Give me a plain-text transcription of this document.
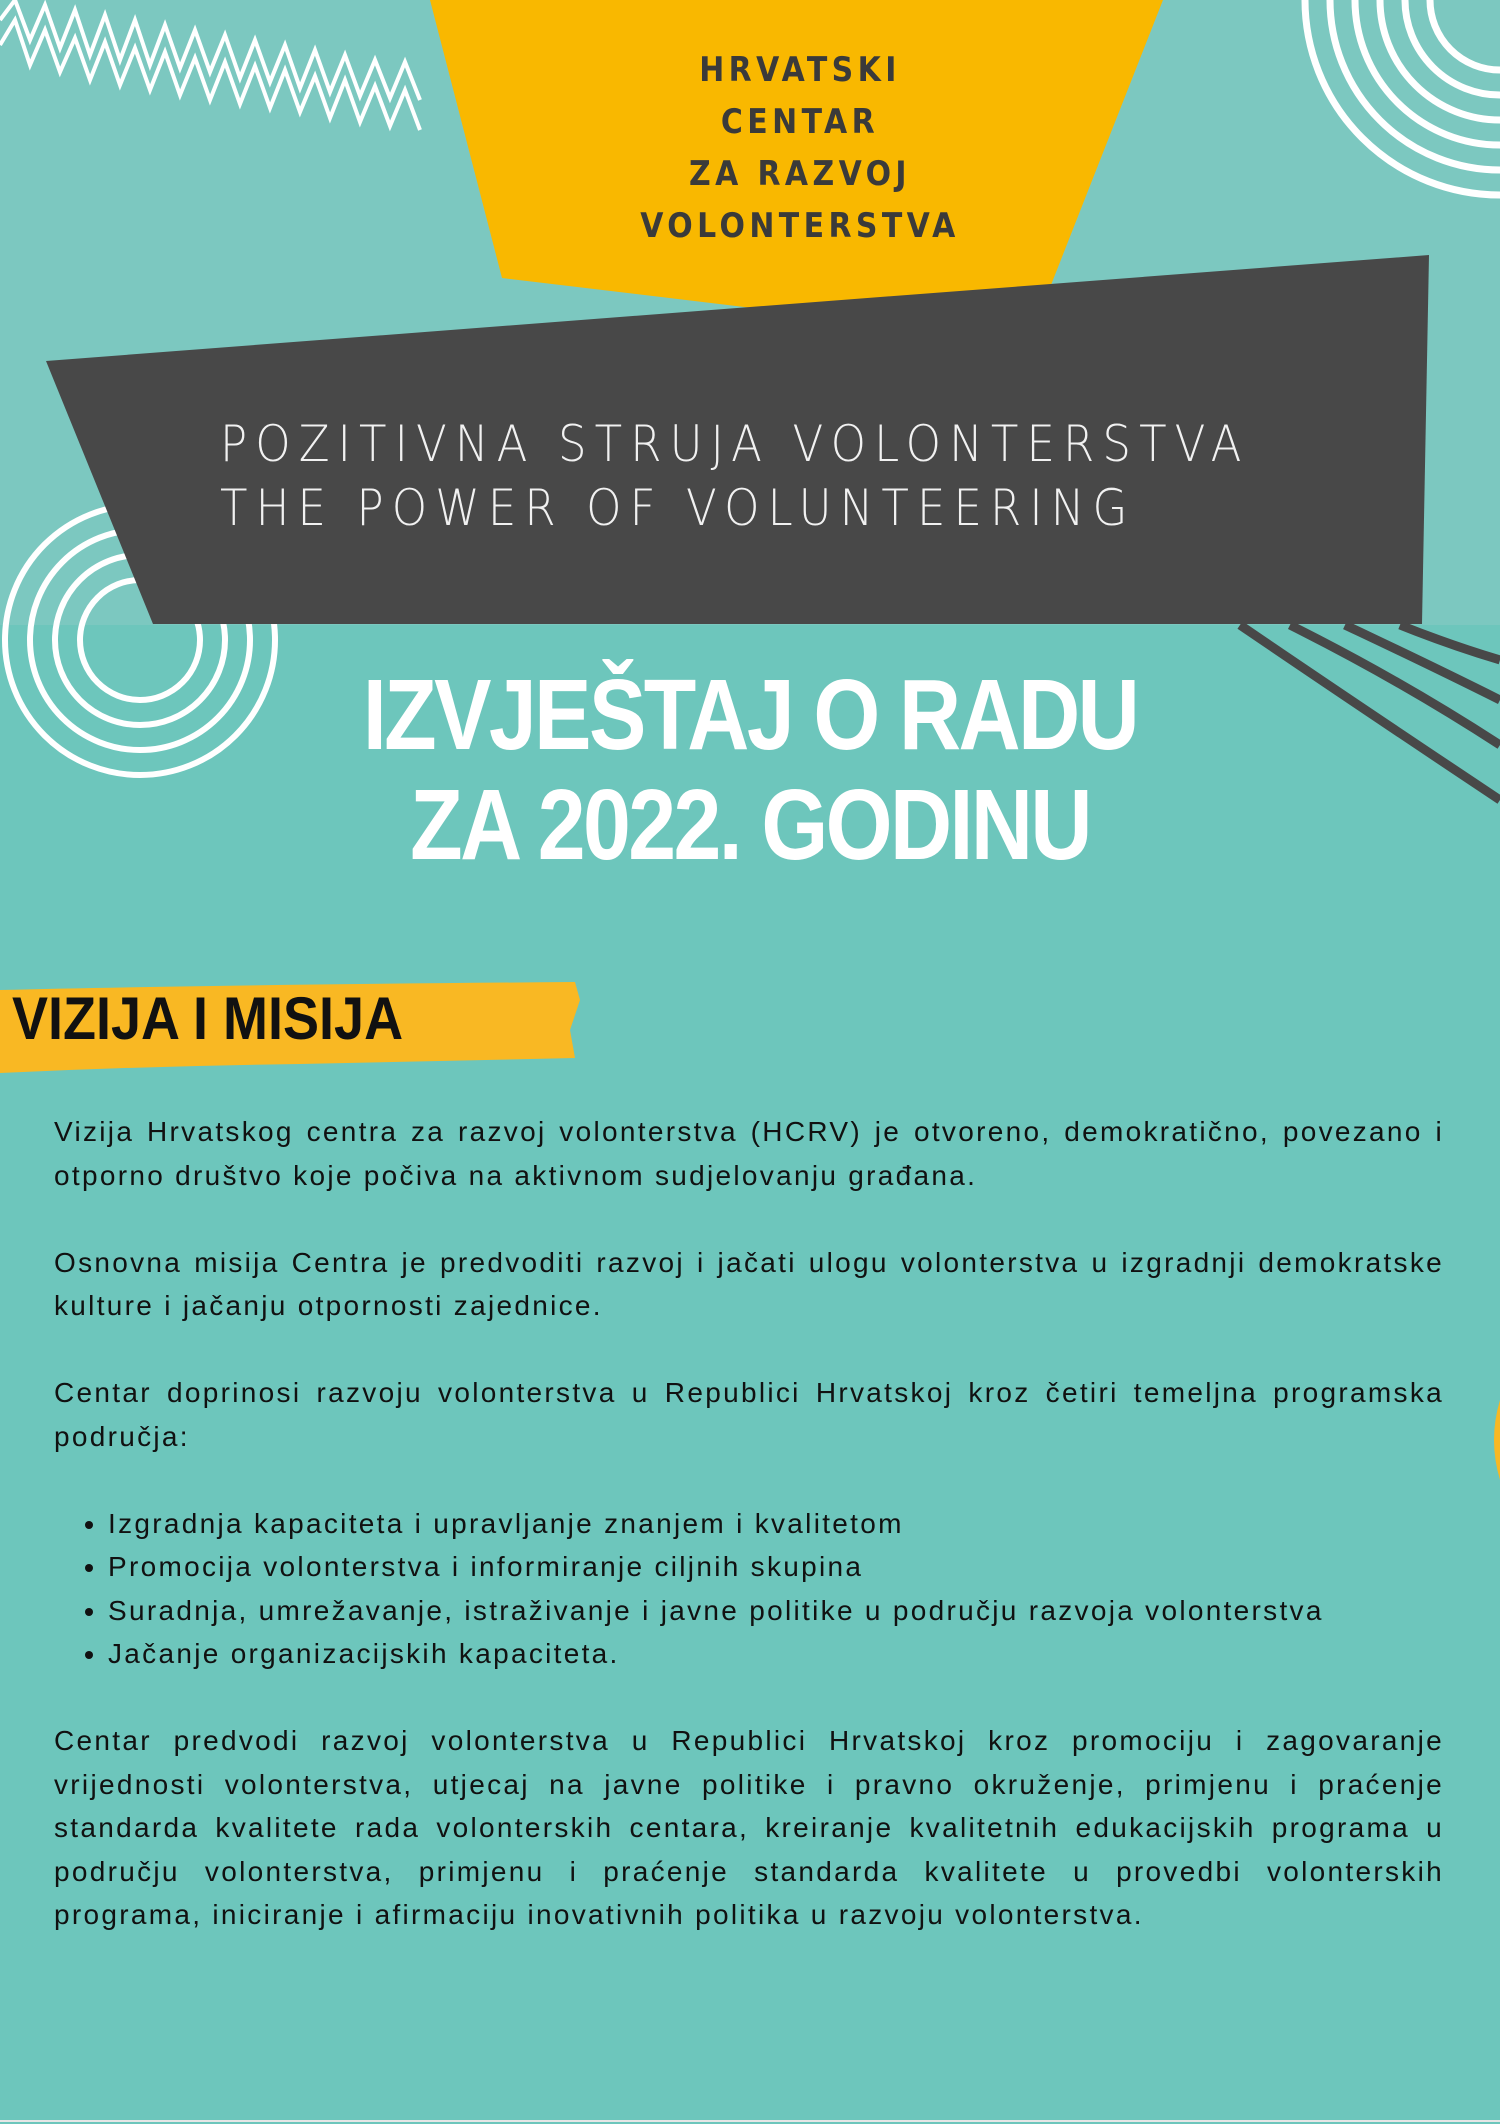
HRVATSKI
CENTAR
ZA RAZVOJ
VOLONTERSTVA
POZITIVNA STRUJA VOLONTERSTVA
THE POWER OF VOLUNTEERING
IZVJEŠTAJ O RADU
ZA 2022. GODINU
VIZIJA I MISIJA

Vizija Hrvatskog centra za razvoj volonterstva (HCRV) je otvoreno, demokratično, povezano i otporno društvo koje počiva na aktivnom sudjelovanju građana.

Osnovna misija Centra je predvoditi razvoj i jačati ulogu volonterstva u izgradnji demokratske kulture i jačanju otpornosti zajednice.

Centar doprinosi razvoju volonterstva u Republici Hrvatskoj kroz četiri temeljna programska područja:

• Izgradnja kapaciteta i upravljanje znanjem i kvalitetom
• Promocija volonterstva i informiranje ciljnih skupina
• Suradnja, umrežavanje, istraživanje i javne politike u području razvoja volonterstva
• Jačanje organizacijskih kapaciteta.

Centar predvodi razvoj volonterstva u Republici Hrvatskoj kroz promociju i zagovaranje vrijednosti volonterstva, utjecaj na javne politike i pravno okruženje, primjenu i praćenje standarda kvalitete rada volonterskih centara, kreiranje kvalitetnih edukacijskih programa u području volonterstva, primjenu i praćenje standarda kvalitete u provedbi volonterskih programa, iniciranje i afirmaciju inovativnih politika u razvoju volonterstva.
